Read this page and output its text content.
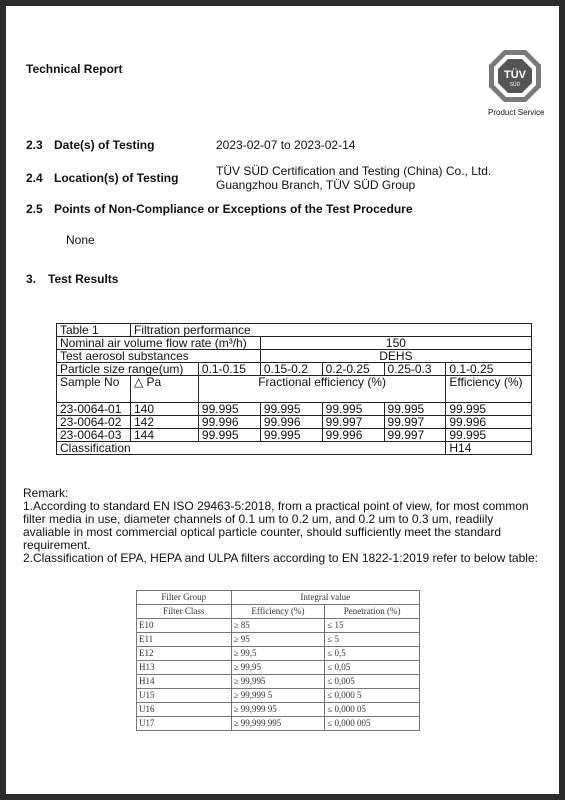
Technical Report	TÜV
SÜD
Product Service
2.3 Date(s) of Testing	2023-02-07 to 2023-02-14
2.4 Location(s) of Testing	TÜV SÜD Certification and Testing (China) Co., Ltd.
Guangzhou Branch, TÜV SÜD Group
2.5 Points of Non-Compliance or Exceptions of the Test Procedure
None
3. Test Results
Table 1	Filtration performance					
Nominal air volume flow rate (m³/h)			150			
Test aerosol substances			DEHS			
Particle size range(um)		0.1-0.15	0.15-0.2	0.2-0.25	0.25-0.3	0.1-0.25
Sample No	△ Pa	Fractional efficiency (%)				Efficiency (%)
23-0064-01	140	99.995	99.995	99.995	99.995	99.995
23-0064-02	142	99.996	99.996	99.997	99.997	99.996
23-0064-03	144	99.995	99.995	99.996	99.997	99.995
Classification						H14

Remark:

1.According to standard EN ISO 29463-5:2018, from a practical point of view, for most common filter media in use, diameter channels of 0.1 um to 0.2 um, and 0.2 um to 0.3 um, readiily avaliable in most commercial optical particle counter, should sufficiently meet the standard requirement.

2.Classification of EPA, HEPA and ULPA filters according to EN 1822-1:2019 refer to below table:

Filter Group	Integral value	
Filter Class	Efficiency (%)	Penetration (%)
E10	≥ 85	≤ 15
E11	≥ 95	≤ 5
E12	≥ 99,5	≤ 0,5
H13	≥ 99,95	≤ 0,05
H14	≥ 99,995	≤ 0,005
U15	≥ 99,999 5	≤ 0,000 5
U16	≥ 99,999 95	≤ 0,000 05
U17	≥ 99,999 995	≤ 0,000 005
